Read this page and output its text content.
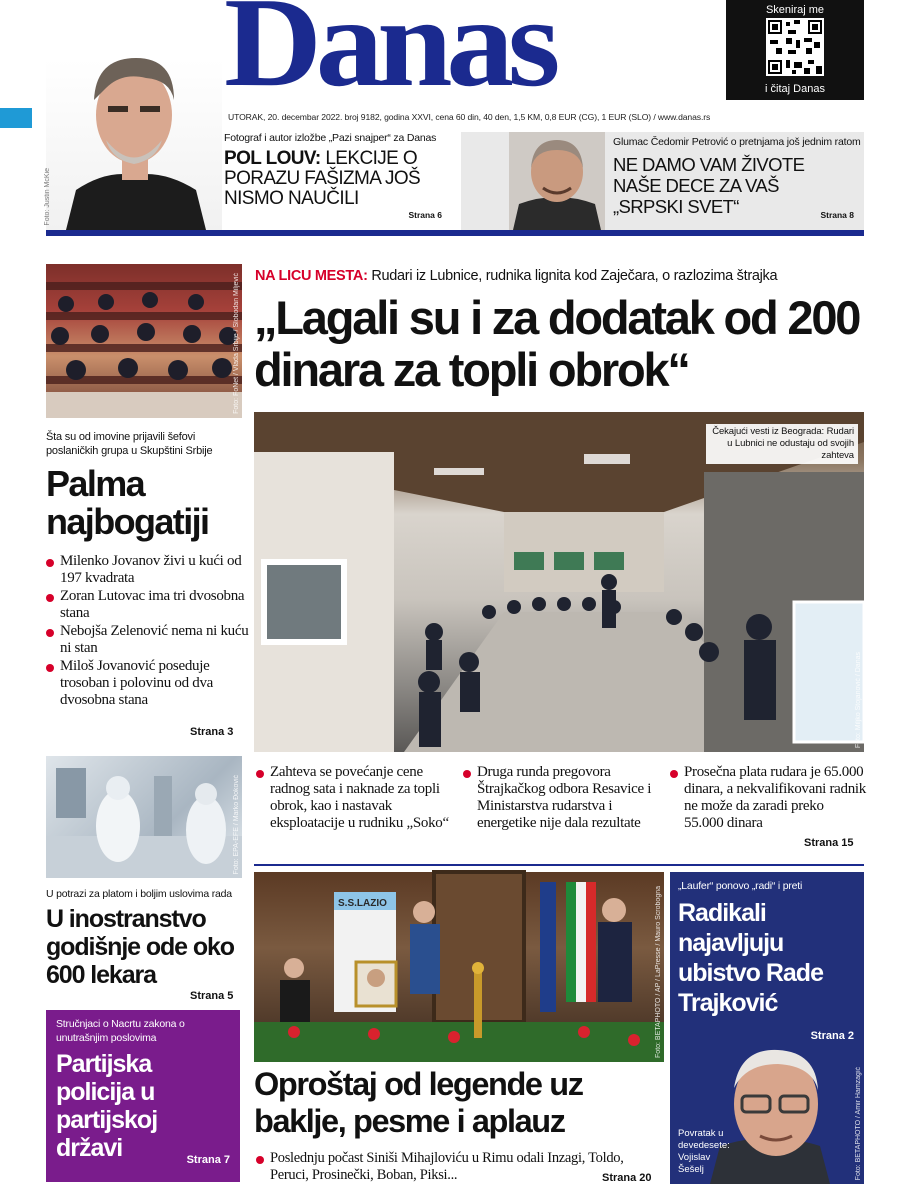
Foto: Justin McKie
Danas	Skeniraj me
i čitaj Danas
UTORAK, 20. decembar 2022. broj 9182, godina XXVI, cena 60 din, 40 den, 1,5 KM, 0,8 EUR (CG), 1 EUR (SLO) / www.danas.rs
Fotograf i autor izložbe „Pazi snajper“ za Danas
POL LOUV: LEKCIJE O PORAZU FAŠIZMA JOŠ NISMO NAUČILI
Strana 6
Glumac Čedomir Petrović o pretnjama još jednim ratom
NE DAMO VAM ŽIVOTE NAŠE DECE ZA VAŠ „SRPSKI SVET“	Strana 8
Foto: FoNet / Vlada Srbije / Slobodan Miljević
Šta su od imovine prijavili šefovi poslaničkih grupa u Skupštini Srbije
Palma najbogatiji
Milenko Jovanov živi u kući od 197 kvadrata
Zoran Lutovac ima tri dvosobna stana
Nebojša Zelenović nema ni kuću ni stan
Miloš Jovanović poseduje trosoban i polovinu od dva dvosobna stana
Strana 3
Foto: EPA-EFE / Marko Đoković
U potrazi za platom i boljim uslovima rada
U inostranstvo godišnje ode oko 600 lekara
Strana 5
Stručnjaci o Nacrtu zakona o unutrašnjim poslovima
Partijska policija u partijskoj državi	Strana 7
NA LICU MESTA: Rudari iz Lubnice, rudnika lignita kod Zaječara, o razlozima štrajka
„Lagali su i za dodatak od 200 dinara za topli obrok“
Čekajući vesti iz Beograda: Rudari u Lubnici ne odustaju od svojih zahteva
Foto: Miljko Stojanović / Danas
Zahteva se povećanje cene radnog sata i naknade za topli obrok, kao i nastavak eksploatacije u rudniku „Soko“
Druga runda pregovora Štrajkačkog odbora Resavice i Ministarstva rudarstva i energetike nije dala rezultate
Prosečna plata rudara je 65.000 dinara, a nekvalifikovani radnik ne može da zaradi preko 55.000 dinara
Strana 15
S.S.LAZIO	Foto: BETAPHOTO / AP / LaPresse / Mauro Scrobogna
Oproštaj od legende uz baklje, pesme i aplauz
Poslednju počast Siniši Mihajloviću u Rimu odali Inzagi, Toldo, Peruci, Prosinečki, Boban, Piksi...	Strana 20
„Laufer“ ponovo „radi“ i preti
Radikali najavljuju ubistvo Rade Trajković
Strana 2
Povratak u devedesete: Vojislav Šešelj	Foto: BETAPHOTO / Amir Hamzagić
